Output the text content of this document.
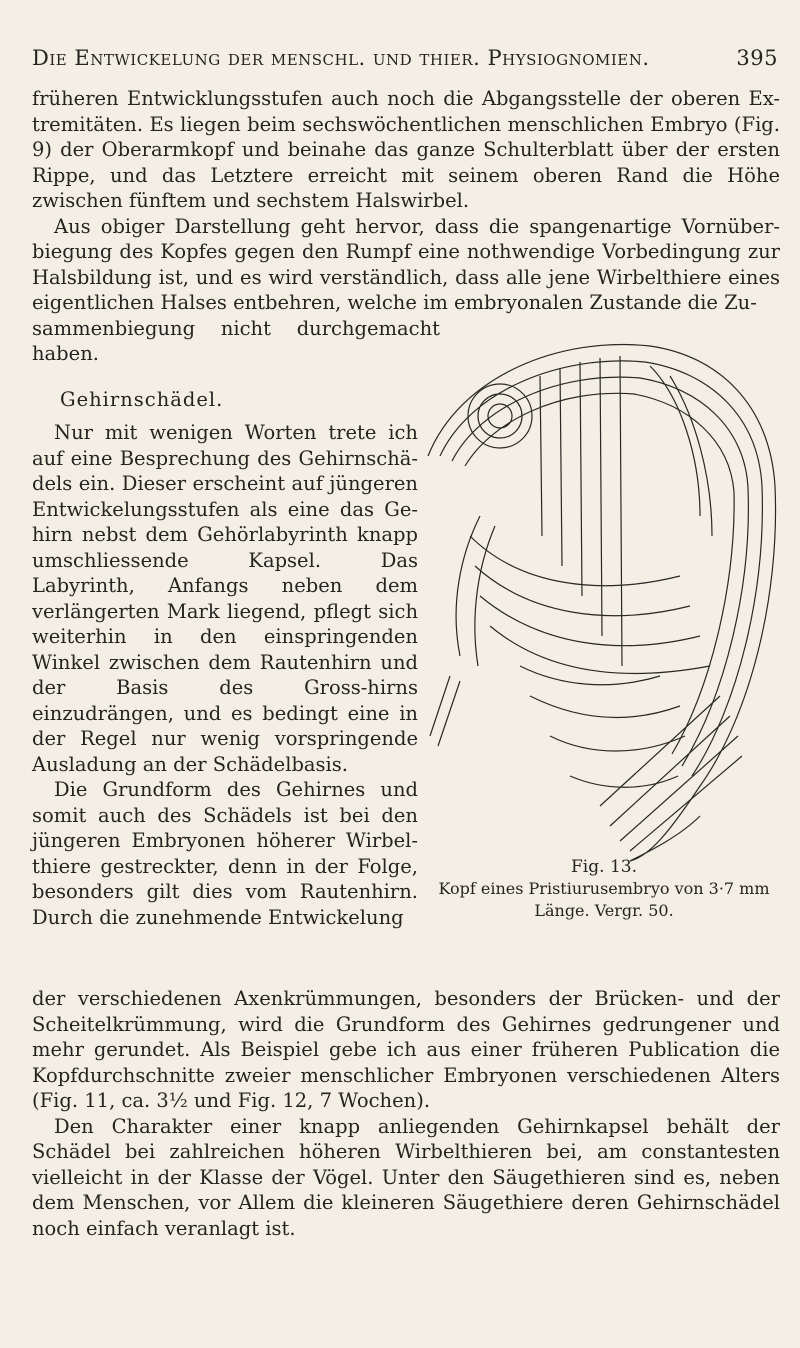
Die Entwickelung der menschl. und thier. Physiognomien.	395

früheren Entwicklungsstufen auch noch die Abgangsstelle der oberen Ex-tremitäten. Es liegen beim sechswöchentlichen menschlichen Embryo (Fig. 9) der Oberarmkopf und beinahe das ganze Schulterblatt über der ersten Rippe, und das Letztere erreicht mit seinem oberen Rand die Höhe zwischen fünftem und sechstem Halswirbel.

Aus obiger Darstellung geht hervor, dass die spangenartige Vornüber-biegung des Kopfes gegen den Rumpf eine nothwendige Vorbedingung zur Halsbildung ist, und es wird verständlich, dass alle jene Wirbelthiere eines eigentlichen Halses entbehren, welche im embryonalen Zustande die Zu-

sammenbiegung nicht durchgemacht haben.

Gehirnschädel.

Nur mit wenigen Worten trete ich auf eine Besprechung des Gehirnschä-dels ein. Dieser erscheint auf jüngeren Entwickelungsstufen als eine das Ge-hirn nebst dem Gehörlabyrinth knapp umschliessende Kapsel. Das Labyrinth, Anfangs neben dem verlängerten Mark liegend, pflegt sich weiterhin in den einspringenden Winkel zwischen dem Rautenhirn und der Basis des Gross-hirns einzudrängen, und es bedingt eine in der Regel nur wenig vorspringende Ausladung an der Schädelbasis.

Die Grundform des Gehirnes und somit auch des Schädels ist bei den jüngeren Embryonen höherer Wirbel-thiere gestreckter, denn in der Folge, besonders gilt dies vom Rautenhirn. Durch die zunehmende Entwickelung

Fig. 13.
Kopf eines Pristiurusembryo von 3·7 mm Länge. Vergr. 50.

der verschiedenen Axenkrümmungen, besonders der Brücken- und der Scheitelkrümmung, wird die Grundform des Gehirnes gedrungener und mehr gerundet. Als Beispiel gebe ich aus einer früheren Publication die Kopfdurchschnitte zweier menschlicher Embryonen verschiedenen Alters (Fig. 11, ca. 3½ und Fig. 12, 7 Wochen).

Den Charakter einer knapp anliegenden Gehirnkapsel behält der Schädel bei zahlreichen höheren Wirbelthieren bei, am constantesten vielleicht in der Klasse der Vögel. Unter den Säugethieren sind es, neben dem Menschen, vor Allem die kleineren Säugethiere deren Gehirnschädel noch einfach veranlagt ist.
